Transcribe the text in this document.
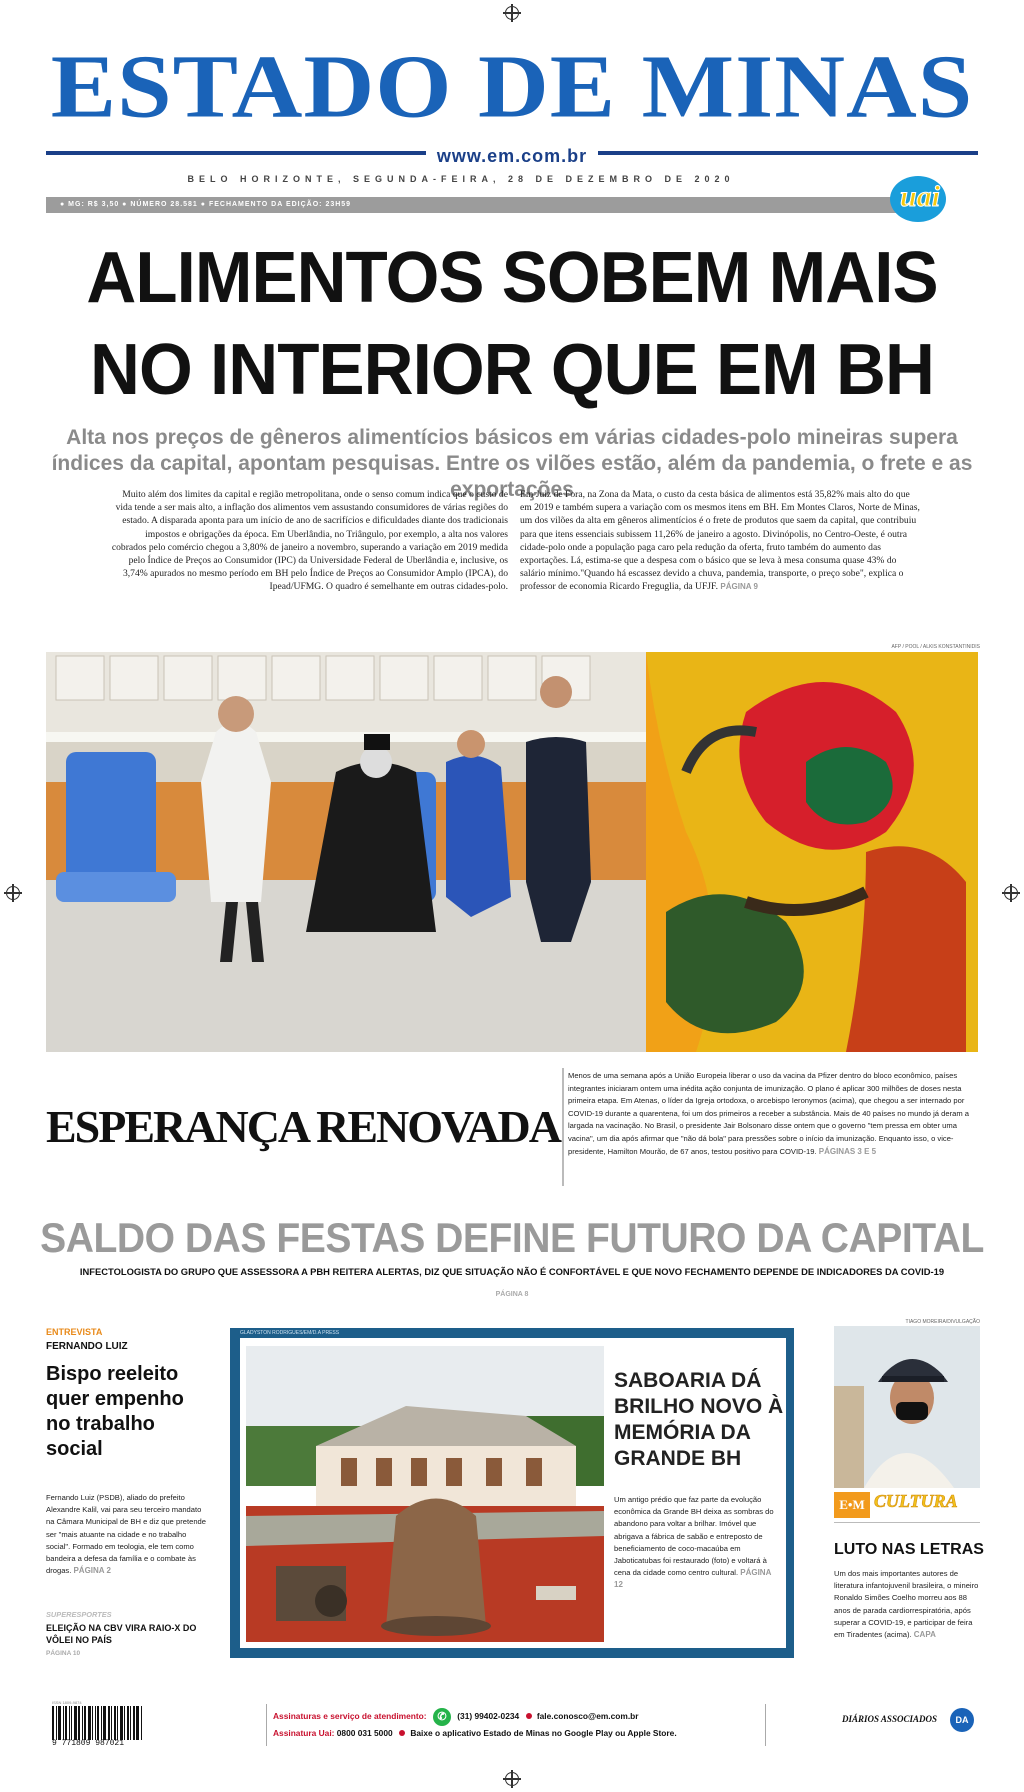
ESTADO DE MINAS
www.em.com.br
BELO HORIZONTE, SEGUNDA-FEIRA, 28 DE DEZEMBRO DE 2020
● MG: R$ 3,50 ● NÚMERO 28.581 ● FECHAMENTO DA EDIÇÃO: 23H59	uai
ALIMENTOS SOBEM MAIS
NO INTERIOR QUE EM BH

Alta nos preços de gêneros alimentícios básicos em várias cidades-polo mineiras supera índices da capital, apontam pesquisas. Entre os vilões estão, além da pandemia, o frete e as exportações

Muito além dos limites da capital e região metropolitana, onde o senso comum indica que o custo de vida tende a ser mais alto, a inflação dos alimentos vem assustando consumidores de várias regiões do estado. A disparada aponta para um início de ano de sacrifícios e dificuldades diante dos tradicionais impostos e obrigações da época. Em Uberlândia, no Triângulo, por exemplo, a alta nos valores cobrados pelo comércio chegou a 3,80% de janeiro a novembro, superando a variação em 2019 medida pelo Índice de Preços ao Consumidor (IPC) da Universidade Federal de Uberlândia e, inclusive, os 3,74% apurados no mesmo período em BH pelo Índice de Preços ao Consumidor Amplo (IPCA), do Ipead/UFMG. O quadro é semelhante em outras cidades-polo.

Em Juiz de Fora, na Zona da Mata, o custo da cesta básica de alimentos está 35,82% mais alto do que em 2019 e também supera a variação com os mesmos itens em BH. Em Montes Claros, Norte de Minas, um dos vilões da alta em gêneros alimentícios é o frete de produtos que saem da capital, que contribuiu para que itens essenciais subissem 11,26% de janeiro a agosto. Divinópolis, no Centro-Oeste, é outra cidade-polo onde a população paga caro pela redução da oferta, fruto também do aumento das exportações. Lá, estima-se que a despesa com o básico que se leva à mesa consuma quase 43% do salário mínimo."Quando há escassez devido a chuva, pandemia, transporte, o preço sobe", explica o professor de economia Ricardo Freguglia, da UFJF. PÁGINA 9

AFP / POOL / ALKIS KONSTANTINIDIS
ESPERANÇA RENOVADA

Menos de uma semana após a União Europeia liberar o uso da vacina da Pfizer dentro do bloco econômico, países integrantes iniciaram ontem uma inédita ação conjunta de imunização. O plano é aplicar 300 milhões de doses nesta primeira etapa. Em Atenas, o líder da Igreja ortodoxa, o arcebispo Ieronymos (acima), que chegou a ser internado por COVID-19 durante a quarentena, foi um dos primeiros a receber a substância. Mais de 40 países no mundo já deram a largada na vacinação. No Brasil, o presidente Jair Bolsonaro disse ontem que o governo "tem pressa em obter uma vacina", um dia após afirmar que "não dá bola" para pressões sobre o início da imunização. Enquanto isso, o vice-presidente, Hamilton Mourão, de 67 anos, testou positivo para COVID-19. PÁGINAS 3 E 5

SALDO DAS FESTAS DEFINE FUTURO DA CAPITAL

INFECTOLOGISTA DO GRUPO QUE ASSESSORA A PBH REITERA ALERTAS, DIZ QUE SITUAÇÃO NÃO É CONFORTÁVEL E QUE NOVO FECHAMENTO DEPENDE DE INDICADORES DA COVID-19

PÁGINA 8

ENTREVISTA
FERNANDO LUIZ
Bispo reeleito quer empenho no trabalho social

Fernando Luiz (PSDB), aliado do prefeito Alexandre Kalil, vai para seu terceiro mandato na Câmara Municipal de BH e diz que pretende ser "mais atuante na cidade e no trabalho social". Formado em teologia, ele tem como bandeira a defesa da família e o combate às drogas. PÁGINA 2

SUPERESPORTES
ELEIÇÃO NA CBV VIRA RAIO-X DO VÔLEI NO PAÍS
PÁGINA 10
GLADYSTON RODRIGUES/EM/D.A PRESS
SABOARIA DÁ BRILHO NOVO À MEMÓRIA DA GRANDE BH

Um antigo prédio que faz parte da evolução econômica da Grande BH deixa as sombras do abandono para voltar a brilhar. Imóvel que abrigava a fábrica de sabão e entreposto de beneficiamento de coco-macaúba em Jaboticatubas foi restaurado (foto) e voltará à cena da cidade como centro cultural. PÁGINA 12

TIAGO MOREIRA/DIVULGAÇÃO
E•M CULTURA
LUTO NAS LETRAS

Um dos mais importantes autores de literatura infantojuvenil brasileira, o mineiro Ronaldo Simões Coelho morreu aos 88 anos de parada cardiorrespiratória, após superar a COVID-19, e participar de feira em Tiradentes (acima). CAPA

ISSN 1809-9874
9 771809 987021
Assinaturas e serviço de atendimento: ✆ (31) 99402-0234 fale.conosco@em.com.br
Assinatura Uai: 0800 031 5000 Baixe o aplicativo Estado de Minas no Google Play ou Apple Store.
DIÁRIOS ASSOCIADOS	DA
